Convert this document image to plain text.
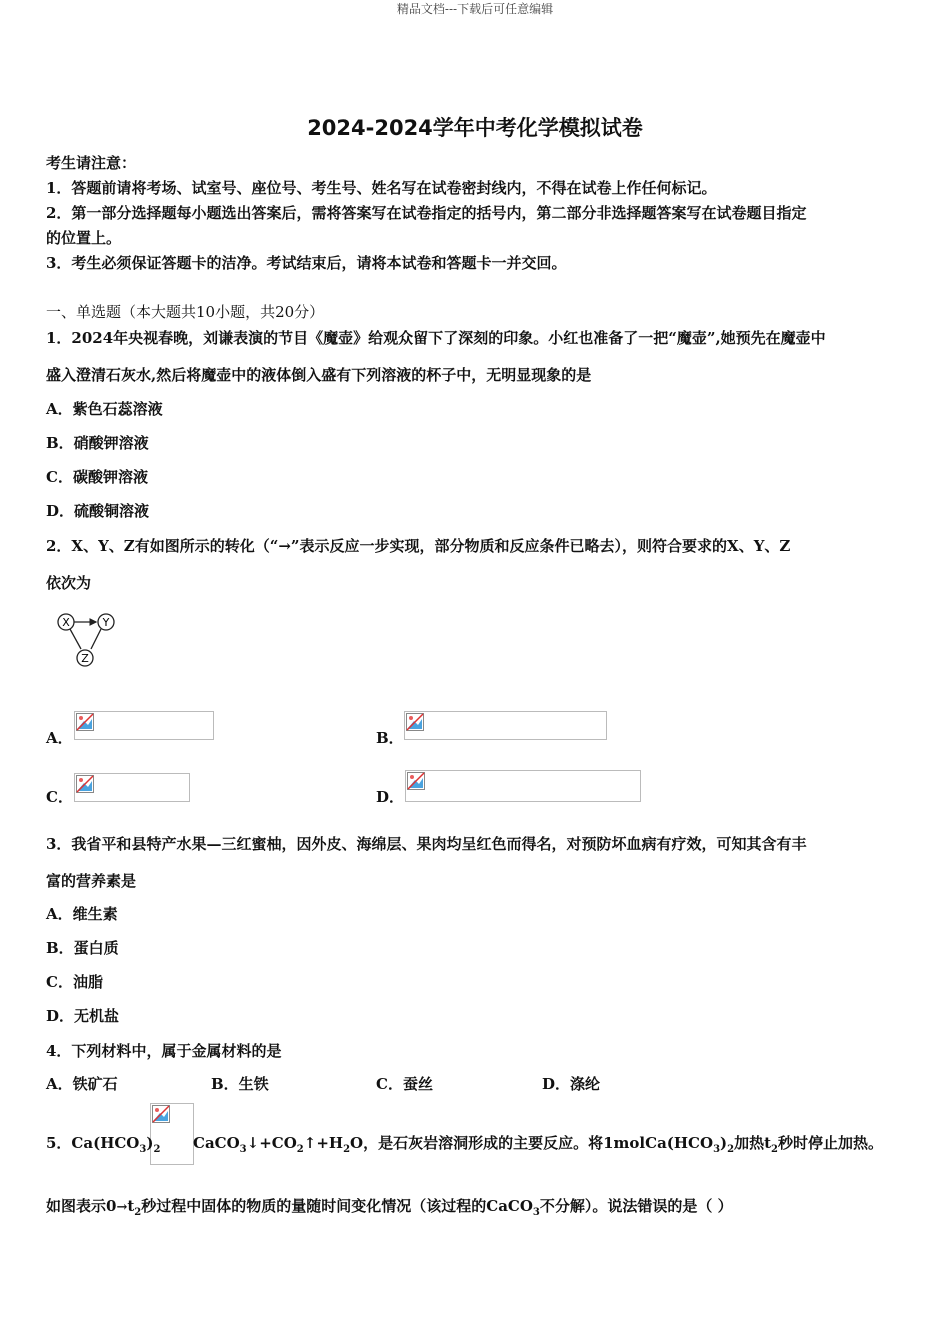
精品文档---下载后可任意编辑
2024-2024学年中考化学模拟试卷
考生请注意：
1．答题前请将考场、试室号、座位号、考生号、姓名写在试卷密封线内，不得在试卷上作任何标记。
2．第一部分选择题每小题选出答案后，需将答案写在试卷指定的括号内，第二部分非选择题答案写在试卷题目指定
的位置上。
3．考生必须保证答题卡的洁净。考试结束后，请将本试卷和答题卡一并交回。
一、单选题（本大题共10小题，共20分）
1．2024年央视春晚，刘谦表演的节目《魔壶》给观众留下了深刻的印象。小红也准备了一把“魔壶”,她预先在魔壶中
盛入澄清石灰水,然后将魔壶中的液体倒入盛有下列溶液的杯子中，无明显现象的是
A．紫色石蕊溶液
B．硝酸钾溶液
C．碳酸钾溶液
D．硫酸铜溶液
2．X、Y、Z有如图所示的转化（“→”表示反应一步实现，部分物质和反应条件已略去），则符合要求的X、Y、Z
依次为
X	Y
Z
A．	B．
C．	D．
3．我省平和县特产水果—三红蜜柚，因外皮、海绵层、果肉均呈红色而得名，对预防坏血病有疗效，可知其含有丰
富的营养素是
A．维生素
B．蛋白质
C．油脂
D．无机盐
4．下列材料中，属于金属材料的是
A．铁矿石	B．生铁	C．蚕丝	D．涤纶
5．$Ca(HCO_3)_2$ $CaCO_3↓+CO_2↑+H_2O$，是石灰岩溶洞形成的主要反应。将$1molCa(HCO_3)_2$加热$t_2$秒时停止加热。
如图表示$0\to t_2$秒过程中固体的物质的量随时间变化情况（该过程的CaCO$_3$不分解）。说法错误的是（ ）
